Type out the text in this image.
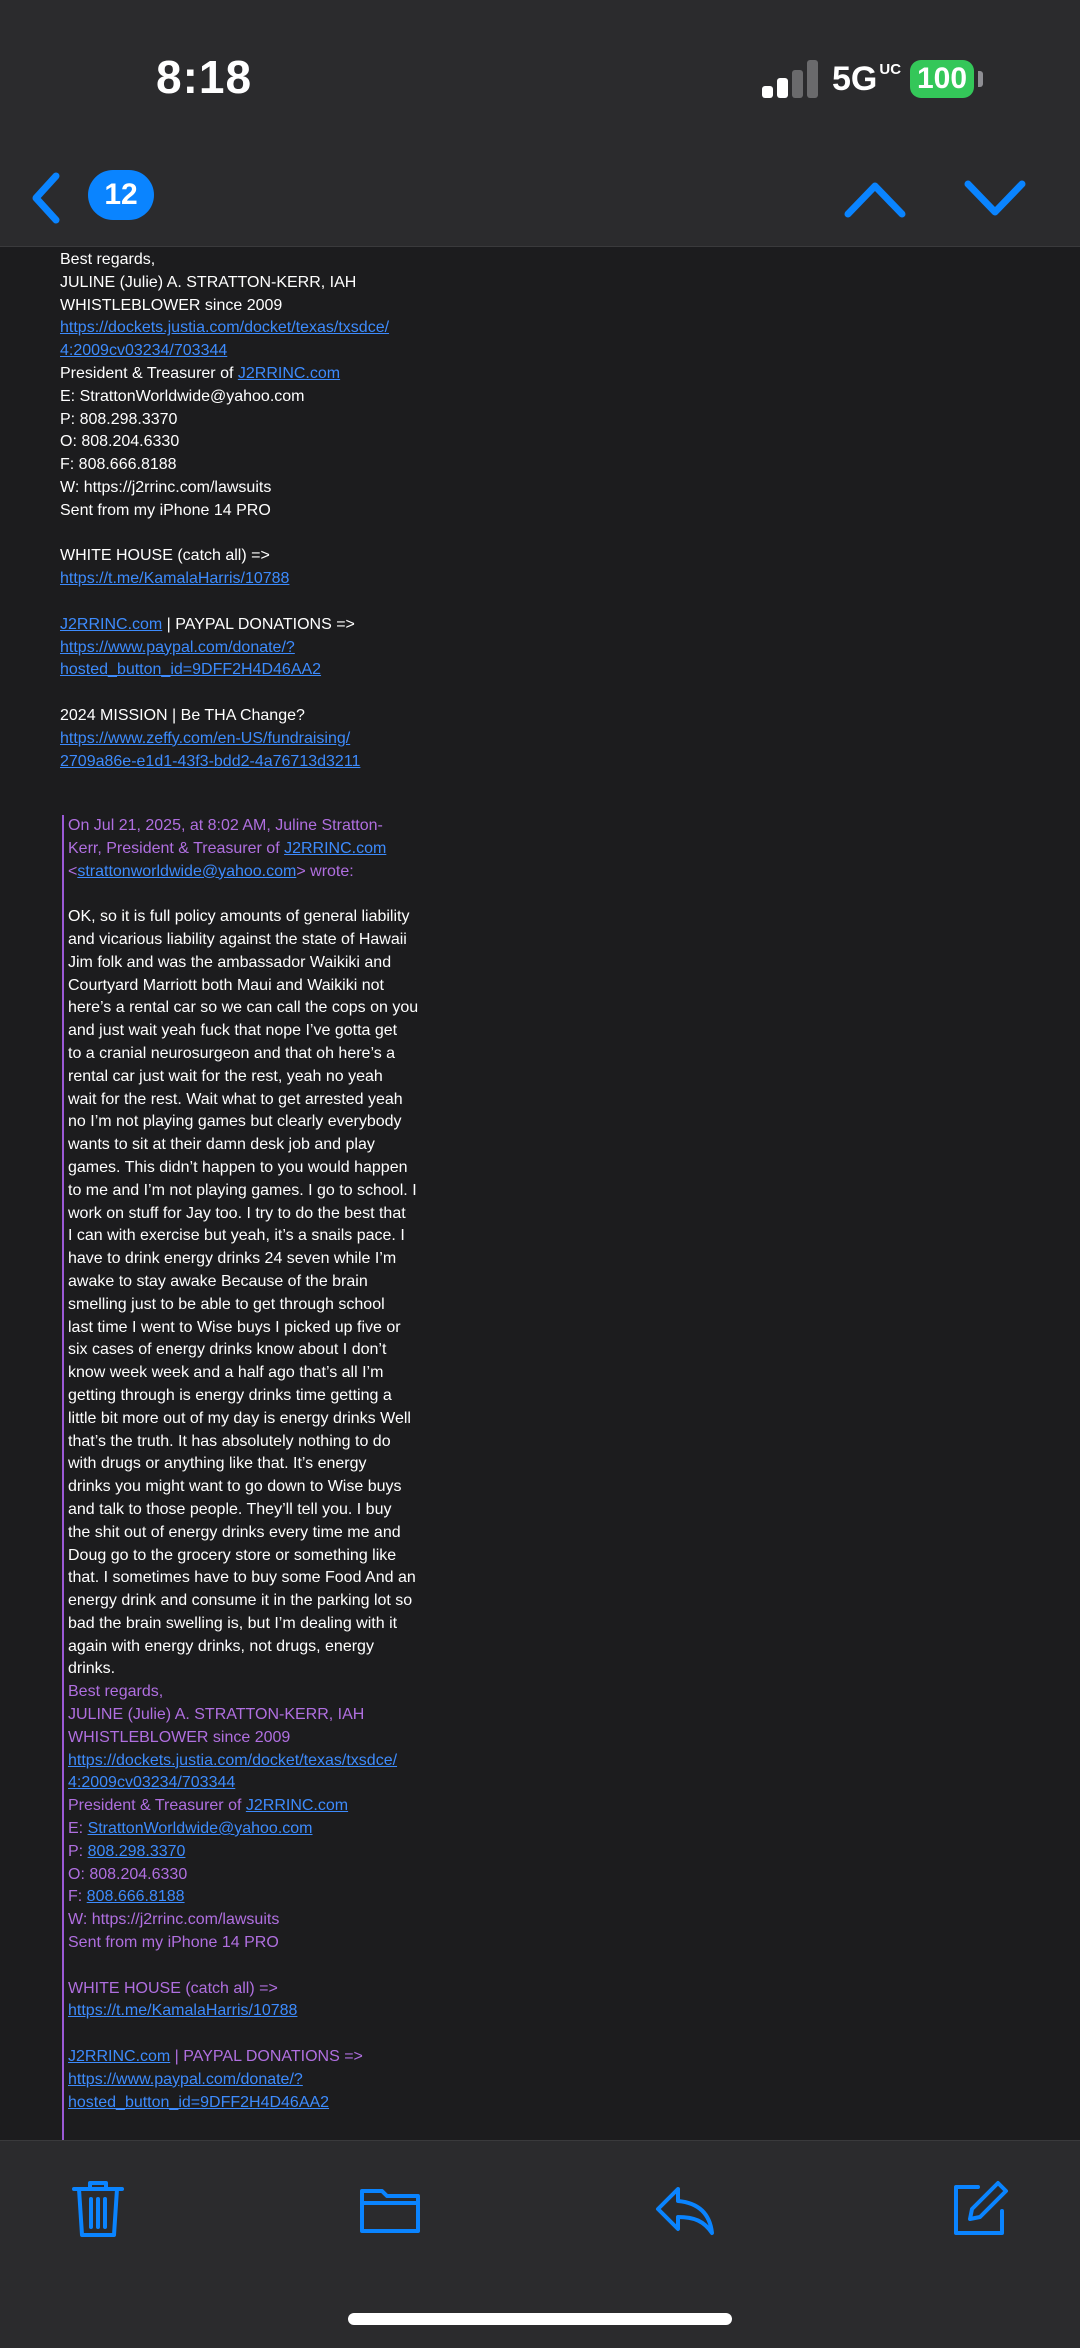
8:18	5G $^{UC}$ 100
12

Best regards,

JULINE (Julie) A. STRATTON-KERR, IAH

WHISTLEBLOWER since 2009

https://dockets.justia.com/docket/texas/txsdce/
4:2009cv03234/703344

President & Treasurer of J2RRINC.com

E: StrattonWorldwide@yahoo.com

P: 808.298.3370

O: 808.204.6330

F: 808.666.8188

W: https://j2rrinc.com/lawsuits

Sent from my iPhone 14 PRO

WHITE HOUSE (catch all) =>

https://t.me/KamalaHarris/10788

J2RRINC.com | PAYPAL DONATIONS =>

https://www.paypal.com/donate/?
hosted_button_id=9DFF2H4D46AA2

2024 MISSION | Be THA Change?

https://www.zeffy.com/en-US/fundraising/
2709a86e-e1d1-43f3-bdd2-4a76713d3211

On Jul 21, 2025, at 8:02 AM, Juline Stratton-

Kerr, President & Treasurer of J2RRINC.com

<strattonworldwide@yahoo.com> wrote:

OK, so it is full policy amounts of general liability

and vicarious liability against the state of Hawaii

Jim folk and was the ambassador Waikiki and

Courtyard Marriott both Maui and Waikiki not

here’s a rental car so we can call the cops on you

and just wait yeah fuck that nope I’ve gotta get

to a cranial neurosurgeon and that oh here’s a

rental car just wait for the rest, yeah no yeah

wait for the rest. Wait what to get arrested yeah

no I’m not playing games but clearly everybody

wants to sit at their damn desk job and play

games. This didn’t happen to you would happen

to me and I’m not playing games. I go to school. I

work on stuff for Jay too. I try to do the best that

I can with exercise but yeah, it’s a snails pace. I

have to drink energy drinks 24 seven while I’m

awake to stay awake Because of the brain

smelling just to be able to get through school

last time I went to Wise buys I picked up five or

six cases of energy drinks know about I don’t

know week week and a half ago that’s all I’m

getting through is energy drinks time getting a

little bit more out of my day is energy drinks Well

that’s the truth. It has absolutely nothing to do

with drugs or anything like that. It’s energy

drinks you might want to go down to Wise buys

and talk to those people. They’ll tell you. I buy

the shit out of energy drinks every time me and

Doug go to the grocery store or something like

that. I sometimes have to buy some Food And an

energy drink and consume it in the parking lot so

bad the brain swelling is, but I’m dealing with it

again with energy drinks, not drugs, energy

drinks.

Best regards,

JULINE (Julie) A. STRATTON-KERR, IAH

WHISTLEBLOWER since 2009

https://dockets.justia.com/docket/texas/txsdce/
4:2009cv03234/703344

President & Treasurer of J2RRINC.com

E: StrattonWorldwide@yahoo.com

P: 808.298.3370

O: 808.204.6330

F: 808.666.8188

W: https://j2rrinc.com/lawsuits

Sent from my iPhone 14 PRO

WHITE HOUSE (catch all) =>

https://t.me/KamalaHarris/10788

J2RRINC.com | PAYPAL DONATIONS =>

https://www.paypal.com/donate/?
hosted_button_id=9DFF2H4D46AA2
